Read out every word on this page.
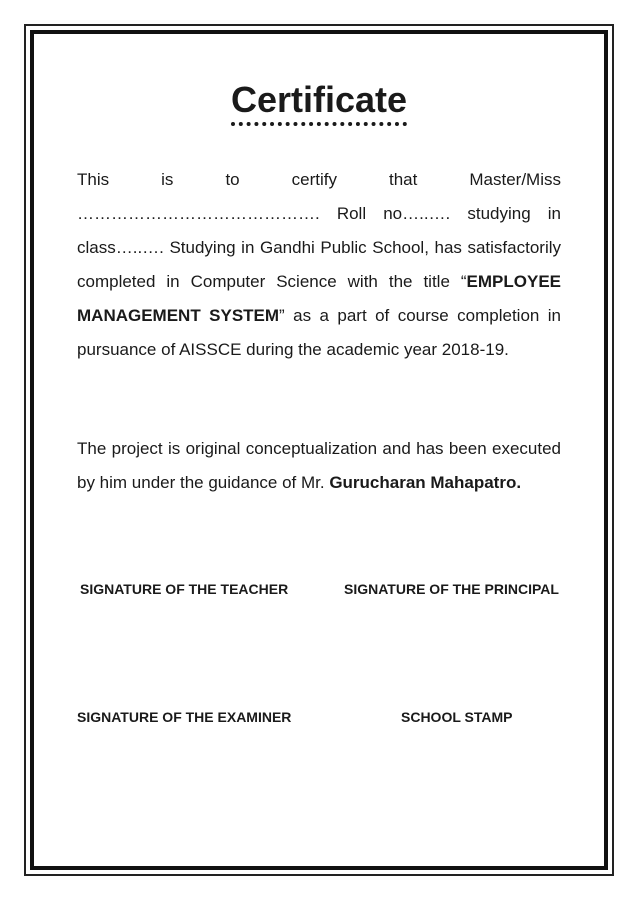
Certificate
This is to certify that Master/Miss ……………………………………. Roll no…..…. studying in class…..…. Studying in Gandhi Public School, has satisfactorily completed in Computer Science with the title “EMPLOYEE MANAGEMENT SYSTEM” as a part of course completion in pursuance of AISSCE during the academic year 2018-19.
The project is original conceptualization and has been executed by him under the guidance of Mr. Gurucharan Mahapatro.
SIGNATURE OF THE TEACHER	SIGNATURE OF THE PRINCIPAL
SIGNATURE OF THE EXAMINER	SCHOOL STAMP
